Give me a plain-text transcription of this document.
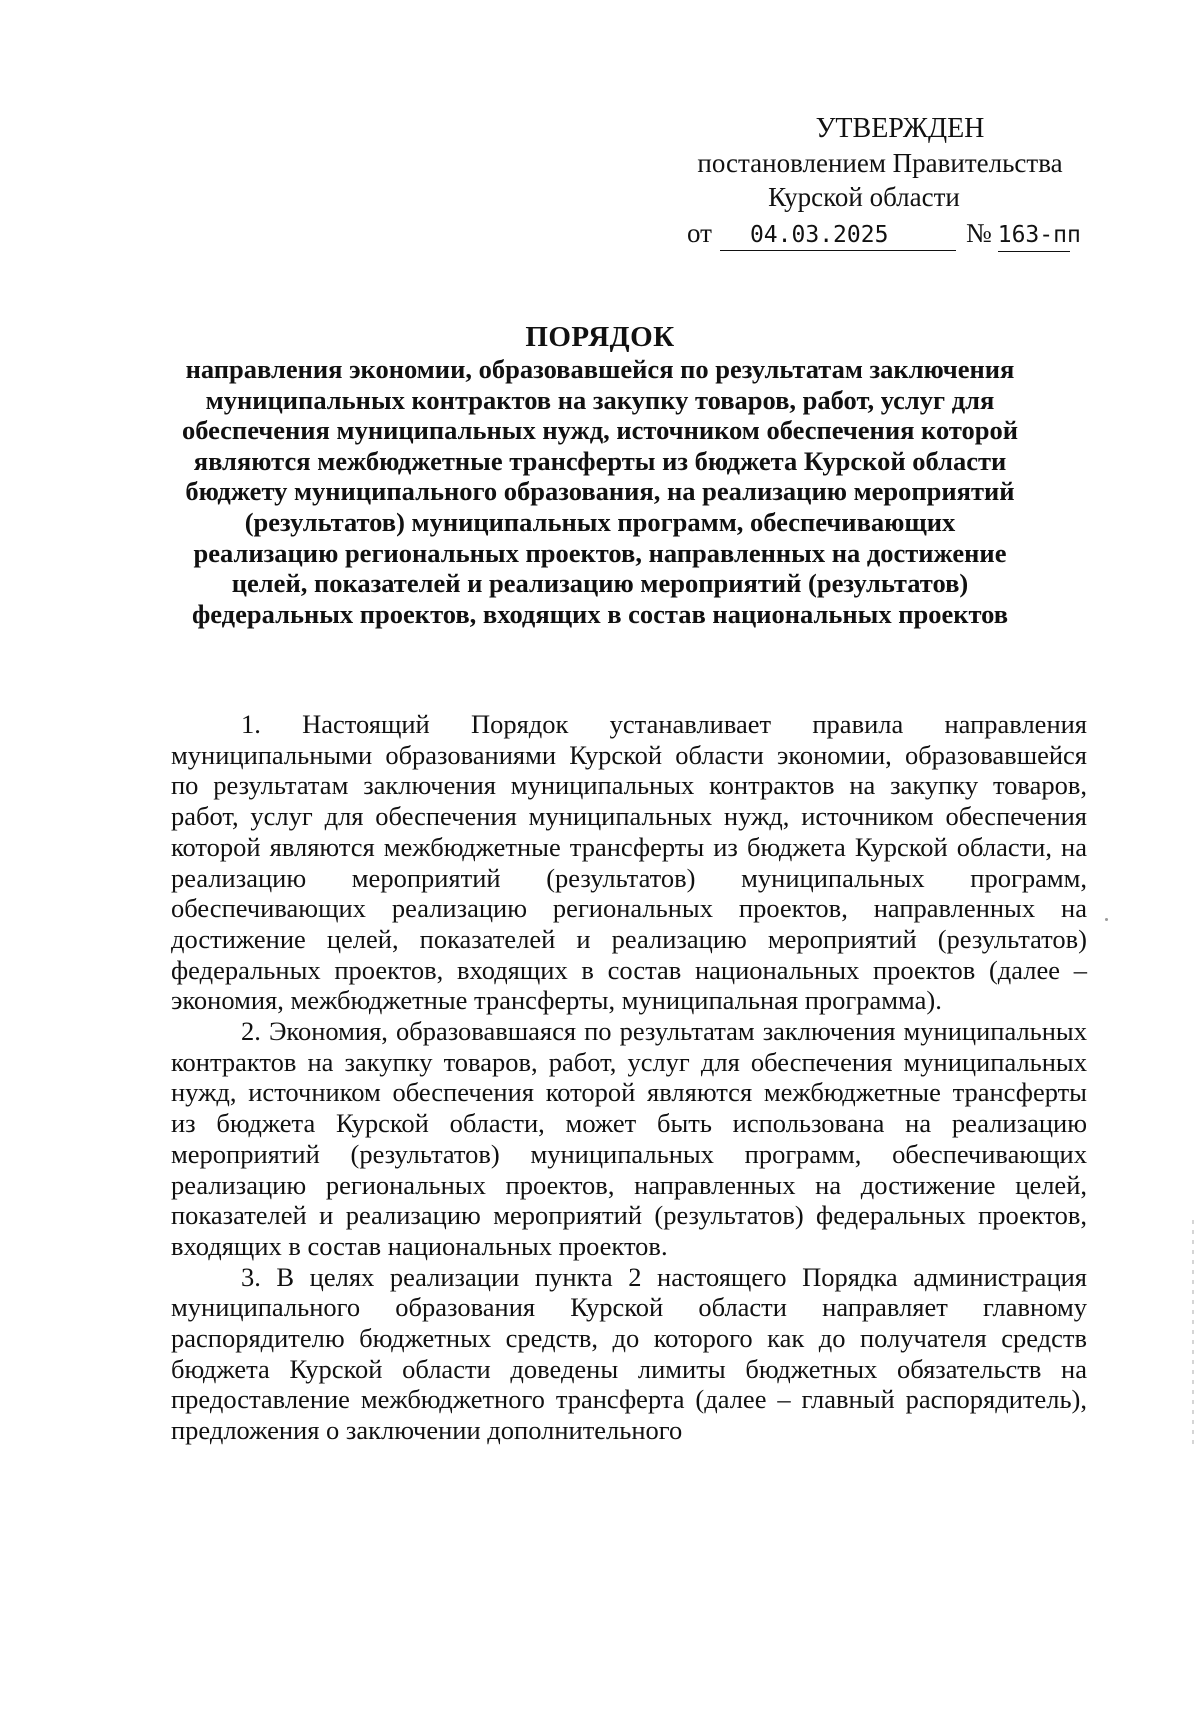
УТВЕРЖДЕН
постановлением Правительства
Курской области
от 04.03.2025	№ 163-пп
ПОРЯДОК
направления экономии, образовавшейся по результатам заключения
муниципальных контрактов на закупку товаров, работ, услуг для
обеспечения муниципальных нужд, источником обеспечения которой
являются межбюджетные трансферты из бюджета Курской области
бюджету муниципального образования, на реализацию мероприятий
(результатов) муниципальных программ, обеспечивающих
реализацию региональных проектов, направленных на достижение
целей, показателей и реализацию мероприятий (результатов)
федеральных проектов, входящих в состав национальных проектов

1. Настоящий Порядок устанавливает правила направления муниципальными образованиями Курской области экономии, образовавшейся по результатам заключения муниципальных контрактов на закупку товаров, работ, услуг для обеспечения муниципальных нужд, источником обеспечения которой являются межбюджетные трансферты из бюджета Курской области, на реализацию мероприятий (результатов) муниципальных программ, обеспечивающих реализацию региональных проектов, направленных на достижение целей, показателей и реализацию мероприятий (результатов) федеральных проектов, входящих в состав национальных проектов (далее – экономия, межбюджетные трансферты, муниципальная программа).

2. Экономия, образовавшаяся по результатам заключения муниципальных контрактов на закупку товаров, работ, услуг для обеспечения муниципальных нужд, источником обеспечения которой являются межбюджетные трансферты из бюджета Курской области, может быть использована на реализацию мероприятий (результатов) муниципальных программ, обеспечивающих реализацию региональных проектов, направленных на достижение целей, показателей и реализацию мероприятий (результатов) федеральных проектов, входящих в состав национальных проектов.

3. В целях реализации пункта 2 настоящего Порядка администрация муниципального образования Курской области направляет главному распорядителю бюджетных средств, до которого как до получателя средств бюджета Курской области доведены лимиты бюджетных обязательств на предоставление межбюджетного трансферта (далее – главный распорядитель), предложения о заключении дополнительного
